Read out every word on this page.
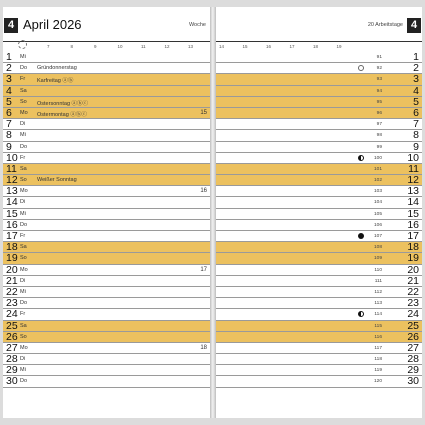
4 April 2026	Woche
7	8	9	10	11	12	13
1 Mi
2 Do Gründonnerstag
3 Fr Karfreitag ⓐⓑ
4 Sa
5 So Ostersonntag ⓐⓑⓒ
6 Mo Ostermontag ⓐⓑⓒ	15
7 Di
8 Mi
9 Do
10 Fr
11 Sa
12 So Weißer Sonntag
13 Mo	16
14 Di
15 Mi
16 Do
17 Fr
18 Sa
19 So
20 Mo	17
21 Di
22 Mi
23 Do
24 Fr
25 Sa
26 So
27 Mo	18
28 Di
29 Mi
30 Do
20 Arbeitstage 4
14	15	16	17	18	19
91	1
92	2
93	3
94	4
95	5
96	6
97	7
98	8
99	9
100 10
101 11
102 12
103 13
104 14
105 15
106 16
107 17
108 18
109 19
110 20
111 21
112 22
113 23
114 24
115 25
116 26
117 27
118 28
119 29
120 30
